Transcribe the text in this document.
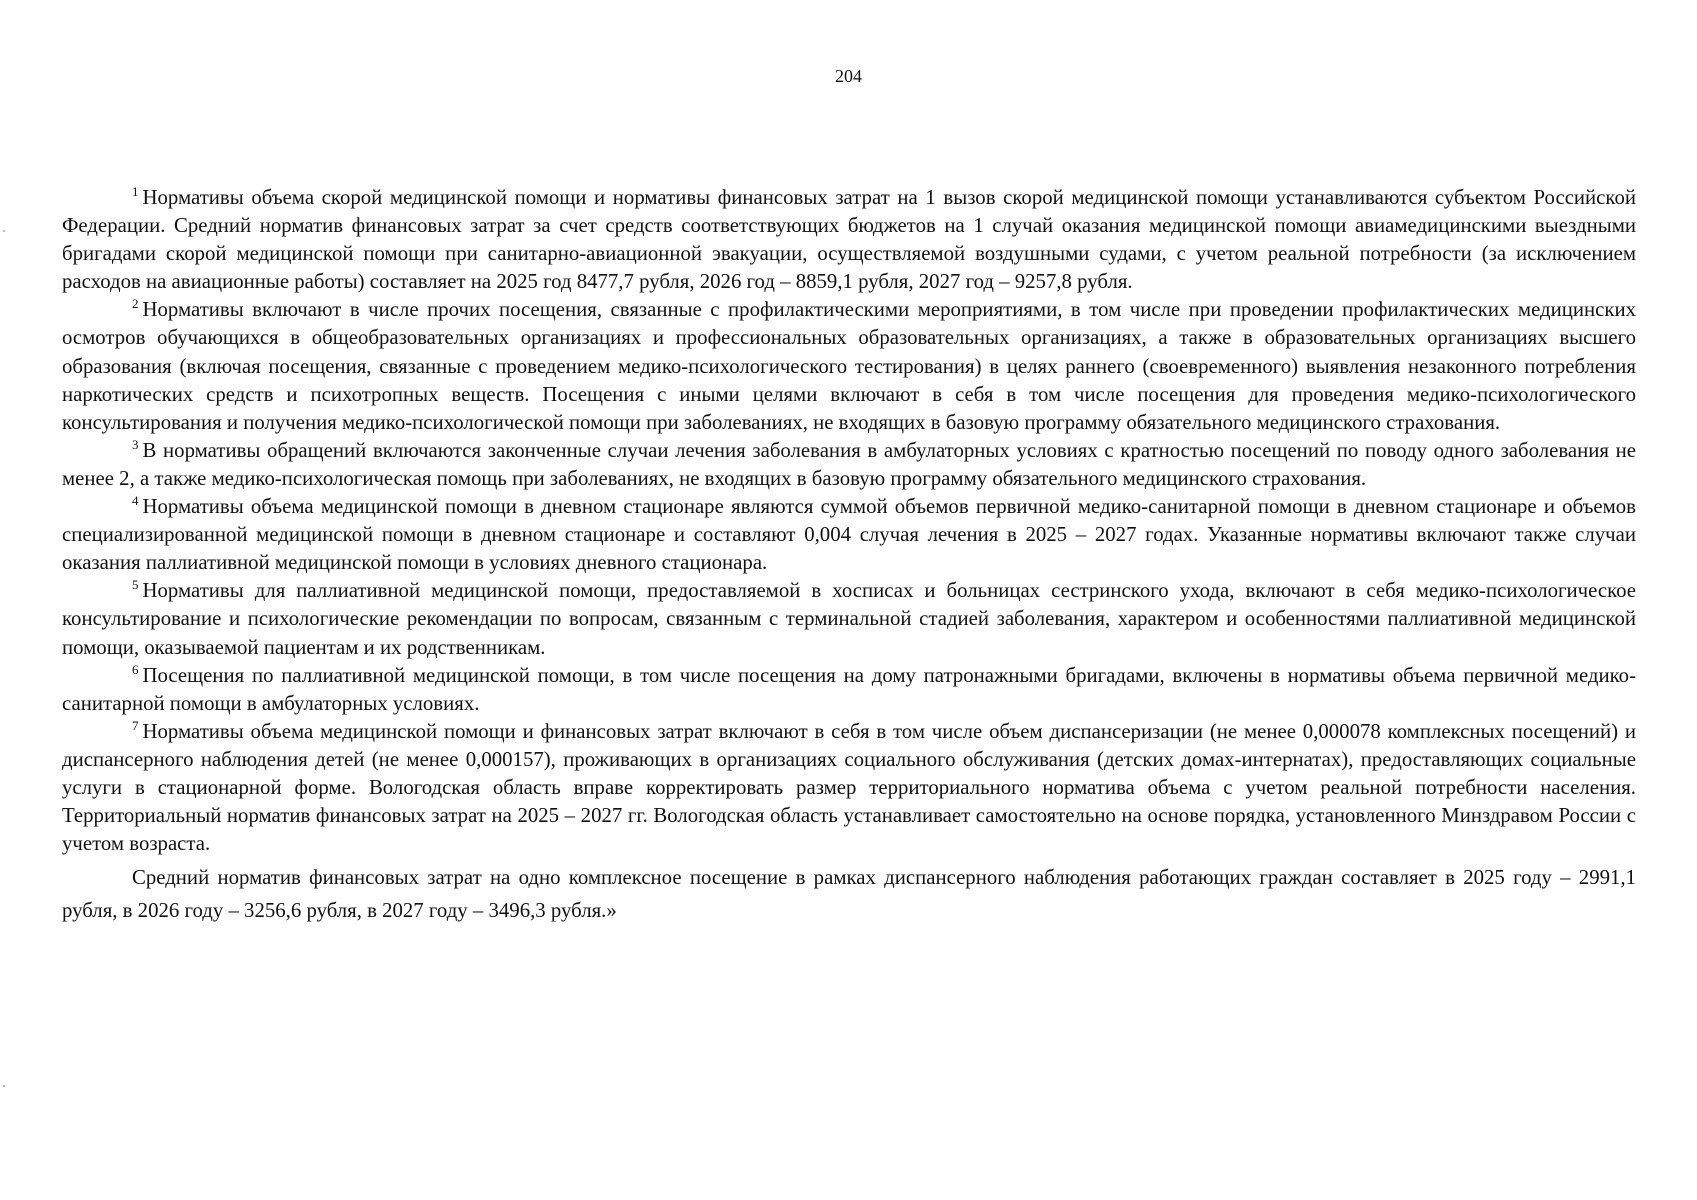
204

$^1$ Нормативы объема скорой медицинской помощи и нормативы финансовых затрат на 1 вызов скорой медицинской помощи устанавливаются субъектом Российской Федерации. Средний норматив финансовых затрат за счет средств соответствующих бюджетов на 1 случай оказания медицинской помощи авиамедицинскими выездными бригадами скорой медицинской помощи при санитарно-авиационной эвакуации, осуществляемой воздушными судами, с учетом реальной потребности (за исключением расходов на авиационные работы) составляет на 2025 год 8477,7 рубля, 2026 год – 8859,1 рубля, 2027 год – 9257,8 рубля.

$^2$ Нормативы включают в числе прочих посещения, связанные с профилактическими мероприятиями, в том числе при проведении профилактических медицинских осмотров обучающихся в общеобразовательных организациях и профессиональных образовательных организациях, а также в образовательных организациях высшего образования (включая посещения, связанные с проведением медико-психологического тестирования) в целях раннего (своевременного) выявления незаконного потребления наркотических средств и психотропных веществ. Посещения с иными целями включают в себя в том числе посещения для проведения медико-психологического консультирования и получения медико-психологической помощи при заболеваниях, не входящих в базовую программу обязательного медицинского страхования.

$^3$ В нормативы обращений включаются законченные случаи лечения заболевания в амбулаторных условиях с кратностью посещений по поводу одного заболевания не менее 2, а также медико-психологическая помощь при заболеваниях, не входящих в базовую программу обязательного медицинского страхования.

$^4$ Нормативы объема медицинской помощи в дневном стационаре являются суммой объемов первичной медико-санитарной помощи в дневном стационаре и объемов специализированной медицинской помощи в дневном стационаре и составляют 0,004 случая лечения в 2025 – 2027 годах. Указанные нормативы включают также случаи оказания паллиативной медицинской помощи в условиях дневного стационара.

$^5$ Нормативы для паллиативной медицинской помощи, предоставляемой в хосписах и больницах сестринского ухода, включают в себя медико-психологическое консультирование и психологические рекомендации по вопросам, связанным с терминальной стадией заболевания, характером и особенностями паллиативной медицинской помощи, оказываемой пациентам и их родственникам.

$^6$ Посещения по паллиативной медицинской помощи, в том числе посещения на дому патронажными бригадами, включены в нормативы объема первичной медико-санитарной помощи в амбулаторных условиях.

$^7$ Нормативы объема медицинской помощи и финансовых затрат включают в себя в том числе объем диспансеризации (не менее 0,000078 комплексных посещений) и диспансерного наблюдения детей (не менее 0,000157), проживающих в организациях социального обслуживания (детских домах-интернатах), предоставляющих социальные услуги в стационарной форме. Вологодская область вправе корректировать размер территориального норматива объема с учетом реальной потребности населения. Территориальный норматив финансовых затрат на 2025 – 2027 гг. Вологодская область устанавливает самостоятельно на основе порядка, установленного Минздравом России с учетом возраста.

Средний норматив финансовых затрат на одно комплексное посещение в рамках диспансерного наблюдения работающих граждан составляет в 2025 году – 2991,1 рубля, в 2026 году – 3256,6 рубля, в 2027 году – 3496,3 рубля.»
